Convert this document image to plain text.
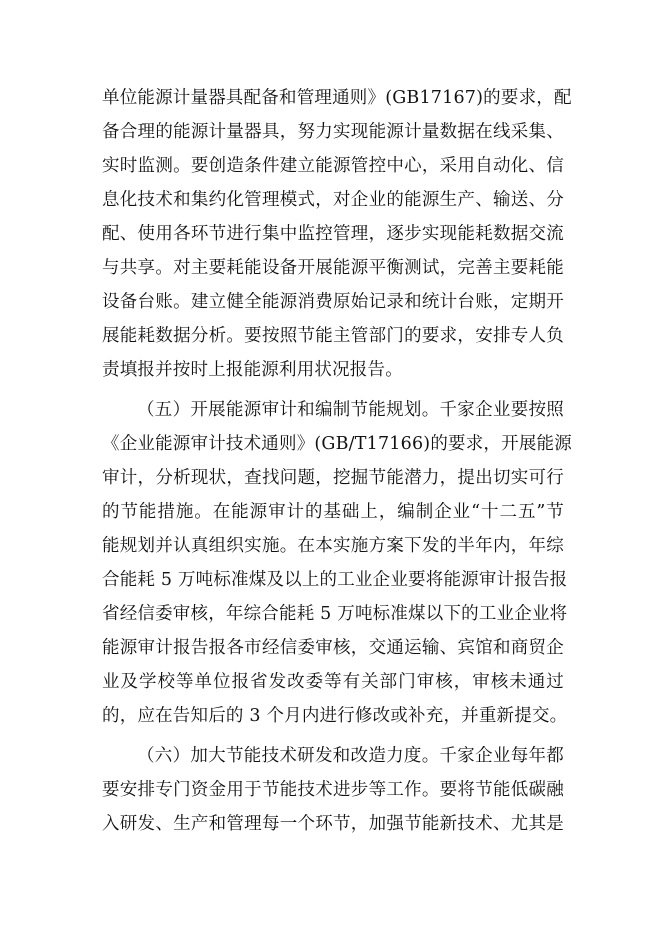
单位能源计量器具配备和管理通则》(GB17167)的要求，配
备合理的能源计量器具，努力实现能源计量数据在线采集、
实时监测。要创造条件建立能源管控中心，采用自动化、信
息化技术和集约化管理模式，对企业的能源生产、输送、分
配、使用各环节进行集中监控管理，逐步实现能耗数据交流
与共享。对主要耗能设备开展能源平衡测试，完善主要耗能
设备台账。建立健全能源消费原始记录和统计台账，定期开
展能耗数据分析。要按照节能主管部门的要求，安排专人负
责填报并按时上报能源利用状况报告。
（五）开展能源审计和编制节能规划。千家企业要按照
《企业能源审计技术通则》(GB/T17166)的要求，开展能源
审计，分析现状，查找问题，挖掘节能潜力，提出切实可行
的节能措施。在能源审计的基础上，编制企业“十二五”节
能规划并认真组织实施。在本实施方案下发的半年内，年综
合能耗 5 万吨标准煤及以上的工业企业要将能源审计报告报
省经信委审核，年综合能耗 5 万吨标准煤以下的工业企业将
能源审计报告报各市经信委审核，交通运输、宾馆和商贸企
业及学校等单位报省发改委等有关部门审核，审核未通过
的，应在告知后的 3 个月内进行修改或补充，并重新提交。
（六）加大节能技术研发和改造力度。千家企业每年都
要安排专门资金用于节能技术进步等工作。要将节能低碳融
入研发、生产和管理每一个环节，加强节能新技术、尤其是
